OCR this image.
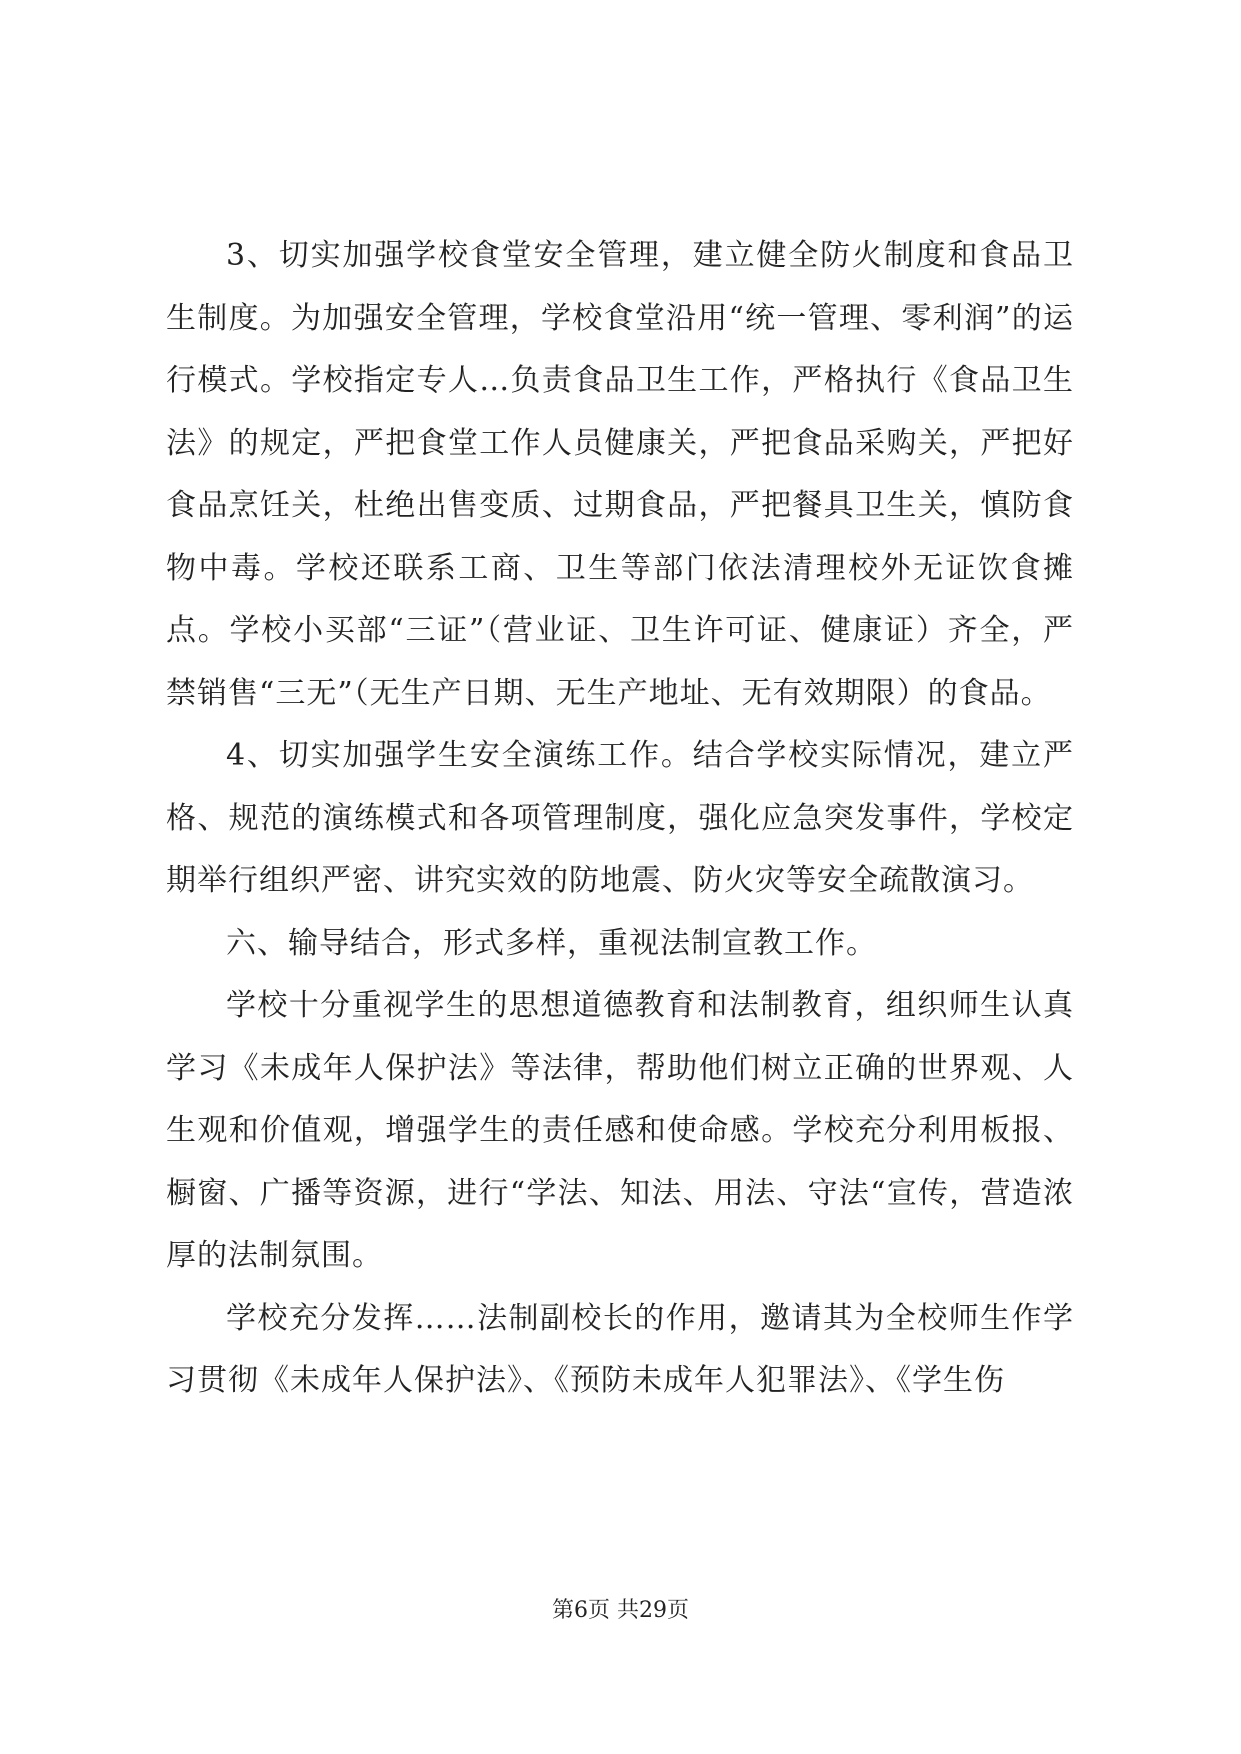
3、切实加强学校食堂安全管理，建立健全防火制度和食品卫生制度。为加强安全管理，学校食堂沿用“统一管理、零利润”的运行模式。学校指定专人…负责食品卫生工作，严格执行《食品卫生法》的规定，严把食堂工作人员健康关，严把食品采购关，严把好食品烹饪关，杜绝出售变质、过期食品，严把餐具卫生关，慎防食物中毒。学校还联系工商、卫生等部门依法清理校外无证饮食摊点。学校小买部“三证”（营业证、卫生许可证、健康证）齐全，严禁销售“三无”（无生产日期、无生产地址、无有效期限）的食品。

4、切实加强学生安全演练工作。结合学校实际情况，建立严格、规范的演练模式和各项管理制度，强化应急突发事件，学校定期举行组织严密、讲究实效的防地震、防火灾等安全疏散演习。

六、输导结合，形式多样，重视法制宣教工作。

学校十分重视学生的思想道德教育和法制教育，组织师生认真学习《未成年人保护法》等法律，帮助他们树立正确的世界观、人生观和价值观，增强学生的责任感和使命感。学校充分利用板报、橱窗、广播等资源，进行“学法、知法、用法、守法“宣传，营造浓厚的法制氛围。

学校充分发挥……法制副校长的作用，邀请其为全校师生作学习贯彻《未成年人保护法》、《预防未成年人犯罪法》、《学生伤

第6页 共29页
